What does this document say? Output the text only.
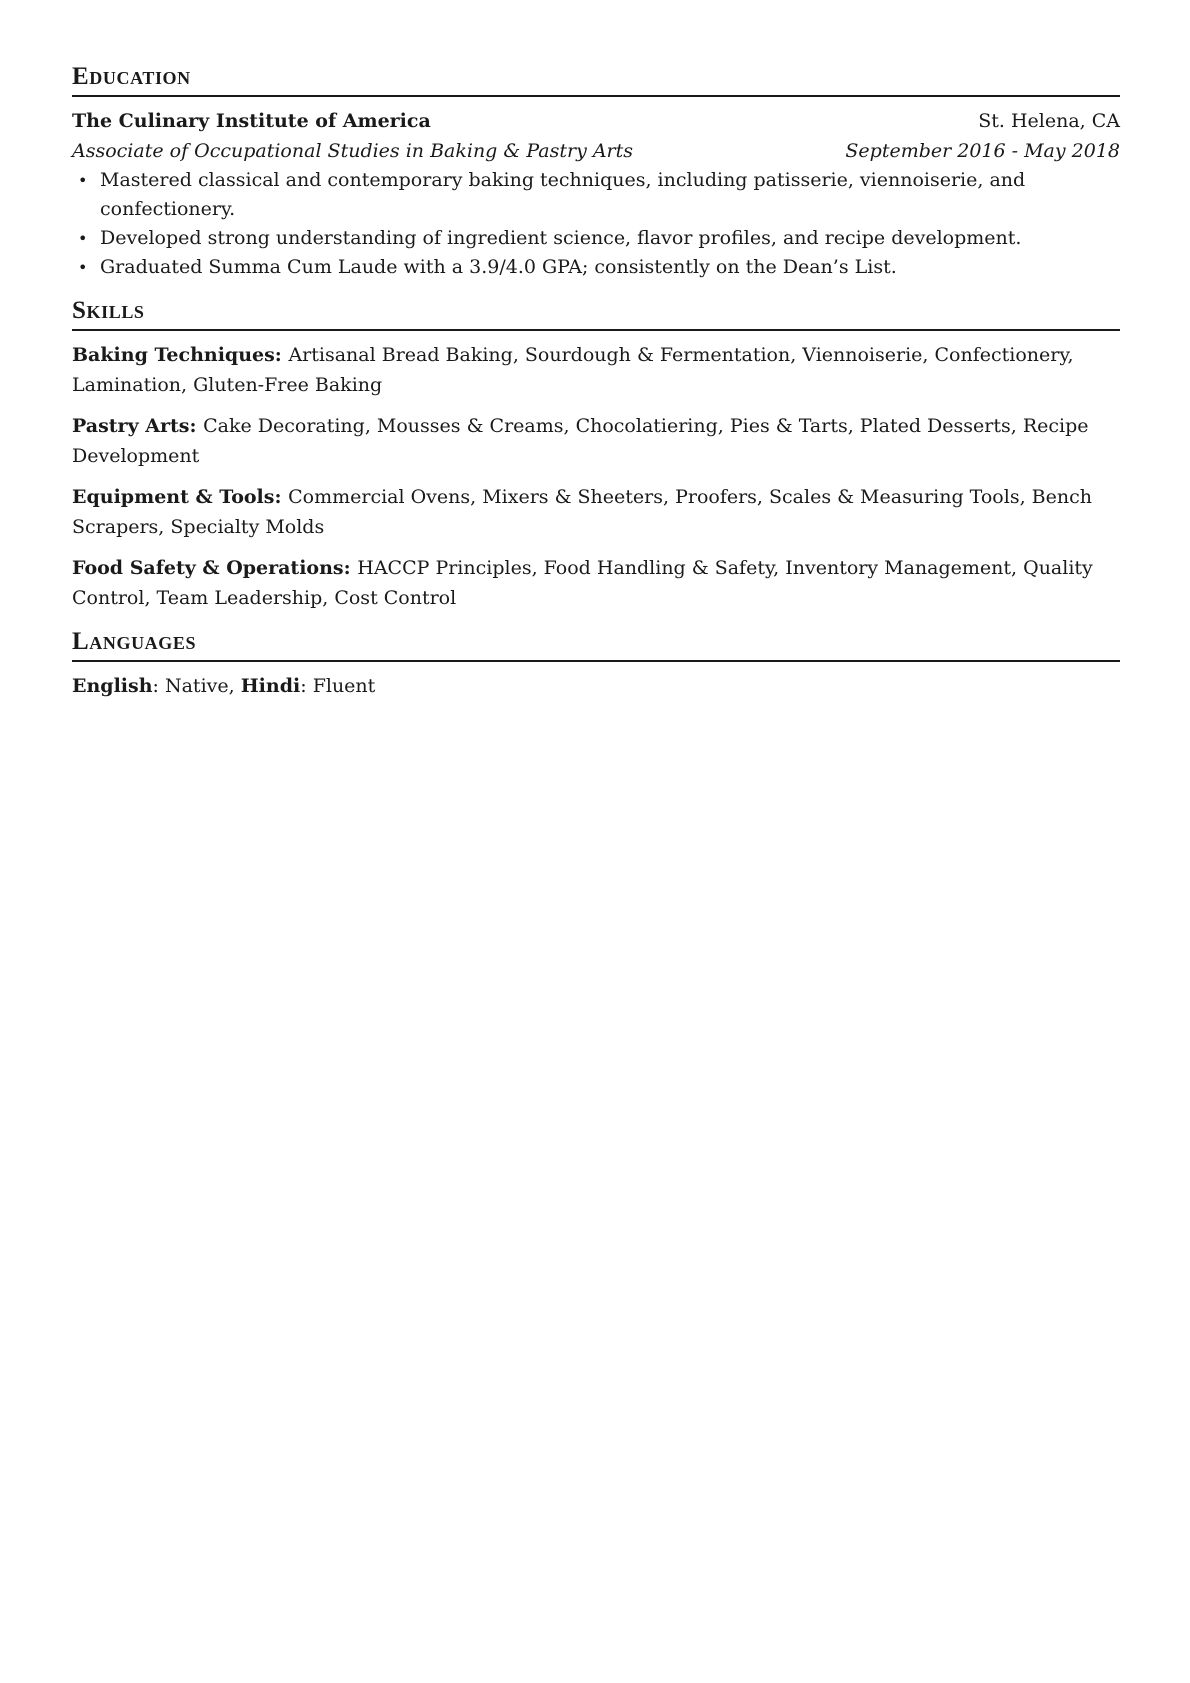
Education
The Culinary Institute of America	St. Helena, CA
Associate of Occupational Studies in Baking & Pastry Arts	September 2016 - May 2018
• Mastered classical and contemporary baking techniques, including patisserie, viennoiserie, and confectionery.
• Developed strong understanding of ingredient science, flavor profiles, and recipe development.
• Graduated Summa Cum Laude with a 3.9/4.0 GPA; consistently on the Dean’s List.
Skills
Baking Techniques: Artisanal Bread Baking, Sourdough & Fermentation, Viennoiserie, Confectionery, Lamination, Gluten-Free Baking
Pastry Arts: Cake Decorating, Mousses & Creams, Chocolatiering, Pies & Tarts, Plated Desserts, Recipe Development
Equipment & Tools: Commercial Ovens, Mixers & Sheeters, Proofers, Scales & Measuring Tools, Bench Scrapers, Specialty Molds
Food Safety & Operations: HACCP Principles, Food Handling & Safety, Inventory Management, Quality Control, Team Leadership, Cost Control
Languages
English: Native, Hindi: Fluent
